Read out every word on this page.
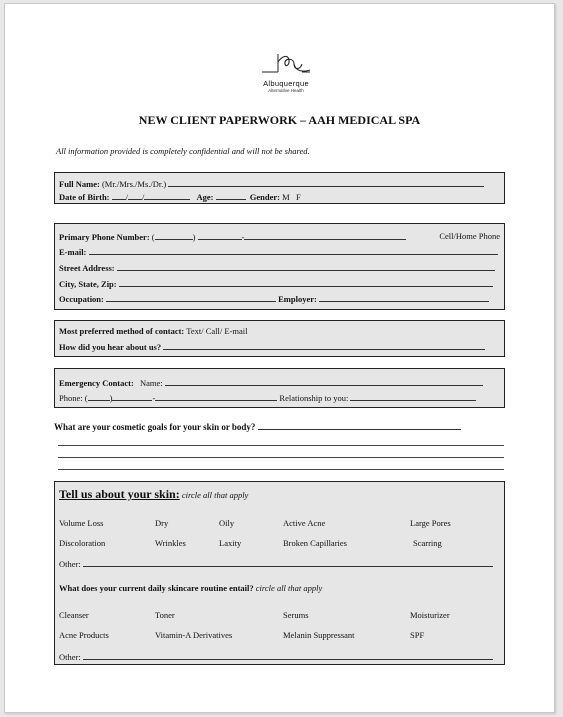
Albuquerque
Alternative Health
NEW CLIENT PAPERWORK – AAH MEDICAL SPA
All information provided is completely confidential and will not be shared.
Full Name: (Mr./Mrs./Ms./Dr.)
Date of Birth: / /	Age:	Gender: M   F
Primary Phone Number: (	)	-	Cell/Home Phone
E-mail:
Street Address:
City, State, Zip:
Occupation:	Employer:
Most preferred method of contact: Text/ Call/ E-mail
How did you hear about us?
Emergency Contact: Name:
Phone: (	)	-	Relationship to you:
What are your cosmetic goals for your skin or body?
Tell us about your skin: circle all that apply
Volume Loss	Dry	Oily	Active Acne	Large Pores
Discoloration	Wrinkles	Laxity	Broken Capillaries	Scarring
Other:
What does your current daily skincare routine entail? circle all that apply
Cleanser	Toner	Serums	Moisturizer
Acne Products	Vitamin-A Derivatives	Melanin Suppressant	SPF
Other:
